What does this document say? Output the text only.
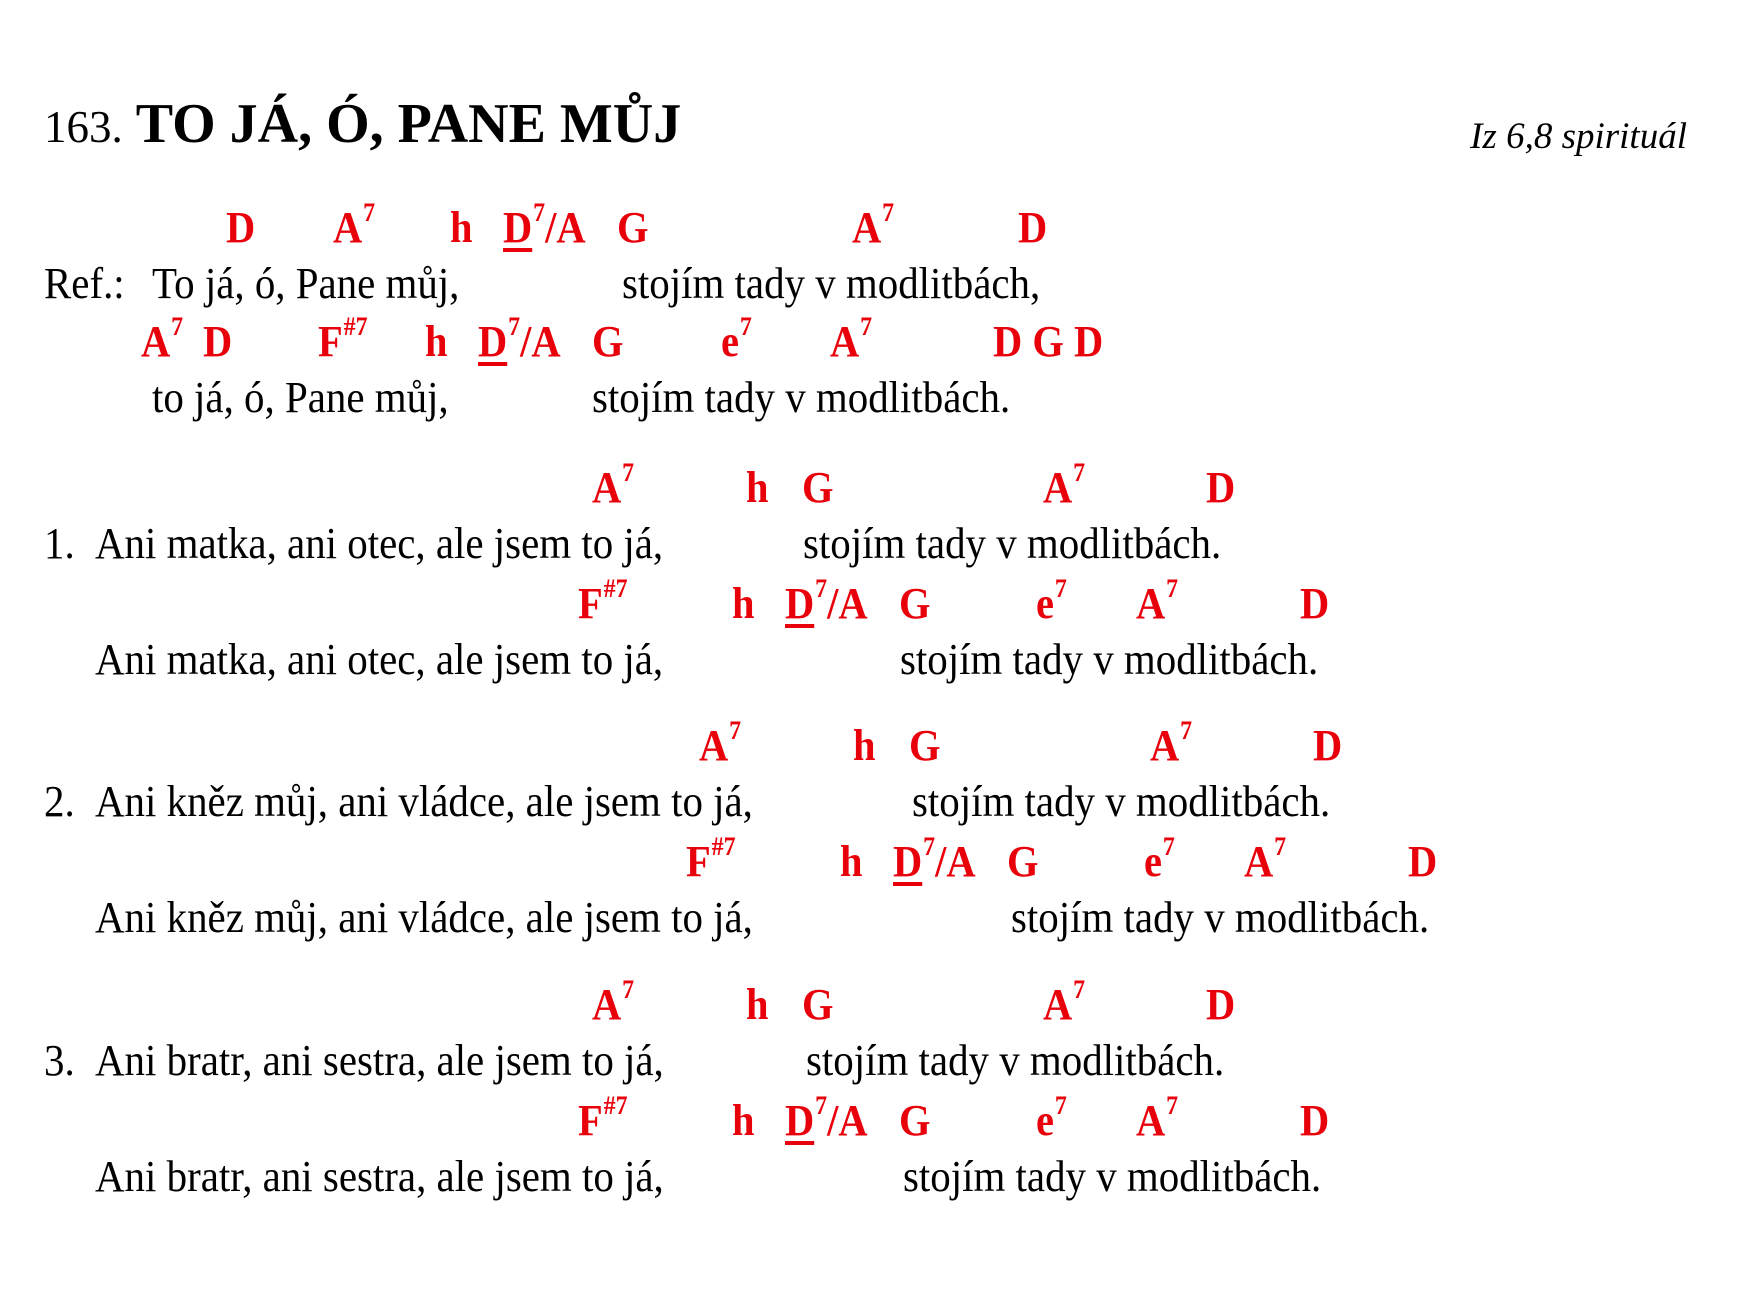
163. TO JÁ, Ó, PANE MŮJ	Iz 6,8 spirituál
D $A^7$ h $D^7/A$ G	$A^7$	D
Ref.: To já, ó, Pane můj,	stojím tady v modlitbách,
$A^7$ D $F^{\#7}$ h $D^7/A$ G $e^7$ $A^7$	D G D
to já, ó, Pane můj,	stojím tady v modlitbách.
$A^7$	h G	$A^7$	D
1. Ani matka, ani otec, ale jsem to já,	stojím tady v modlitbách.
$F^{\#7}$ h $D^7/A$ G $e^7$ $A^7$	D
Ani matka, ani otec, ale jsem to já,	stojím tady v modlitbách.
$A^7$	h G	$A^7$	D
2. Ani kněz můj, ani vládce, ale jsem to já,	stojím tady v modlitbách.
$F^{\#7}$ h $D^7/A$ G $e^7$ $A^7$	D
Ani kněz můj, ani vládce, ale jsem to já,	stojím tady v modlitbách.
$A^7$	h G	$A^7$	D
3. Ani bratr, ani sestra, ale jsem to já,	stojím tady v modlitbách.
$F^{\#7}$ h $D^7/A$ G $e^7$ $A^7$	D
Ani bratr, ani sestra, ale jsem to já,	stojím tady v modlitbách.
